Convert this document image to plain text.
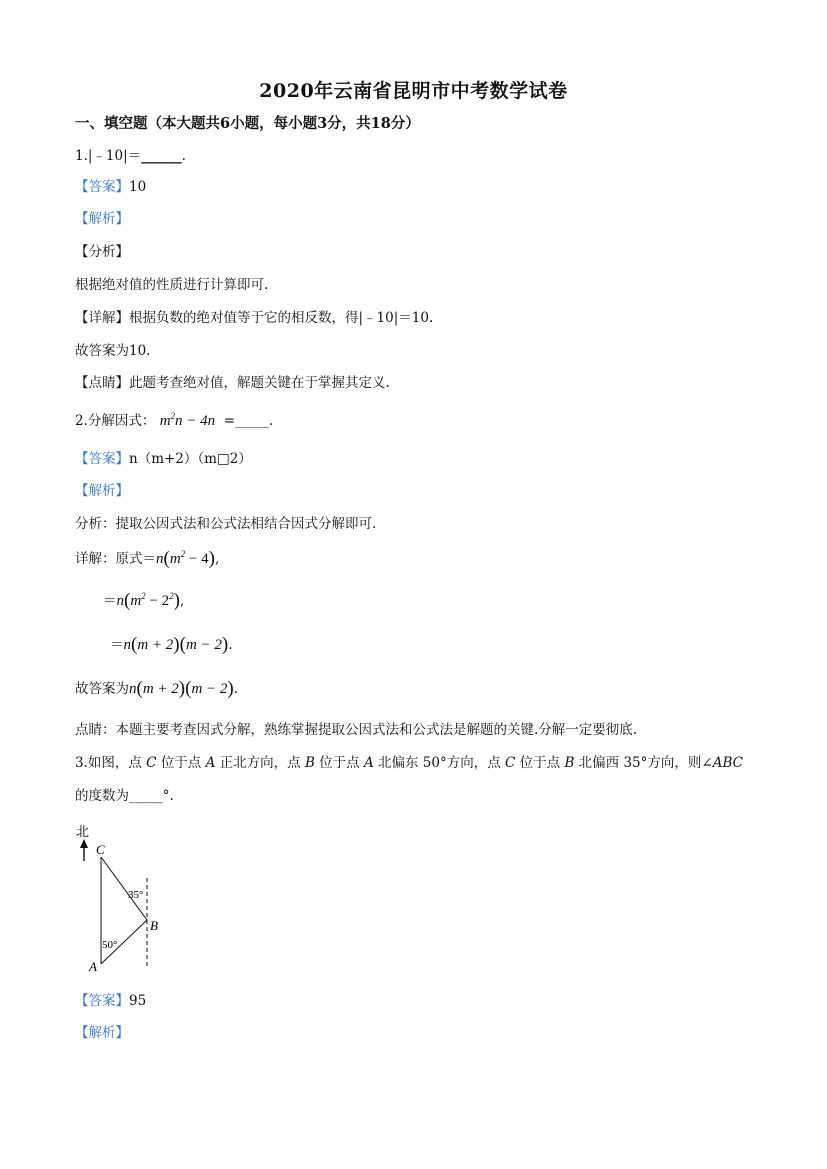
2020年云南省昆明市中考数学试卷
一、填空题（本大题共6小题，每小题3分，共18分）
1.|﹣10|＝______.
【答案】10
【解析】
【分析】
根据绝对值的性质进行计算即可.
【详解】根据负数的绝对值等于它的相反数，得|﹣10|＝10.
故答案为10.
【点睛】此题考查绝对值，解题关键在于掌握其定义.
2.分解因式： $m^2n - 4n$ =_____.
【答案】n（m+2）（m□2）
【解析】
分析：提取公因式法和公式法相结合因式分解即可.
详解：原式$=n(m^2 - 4)$,
$=n(m^2 - 2^2)$,
＝n(m + 2)(m − 2).
故答案为n(m + 2)(m − 2).
点睛：本题主要考查因式分解，熟练掌握提取公因式法和公式法是解题的关键.分解一定要彻底.
3.如图，点 C 位于点 A 正北方向，点 B 位于点 A 北偏东 50°方向，点 C 位于点 B 北偏西 35°方向，则∠ABC
的度数为_____°.
北
C
A
B
35°
50°
【答案】95
【解析】
